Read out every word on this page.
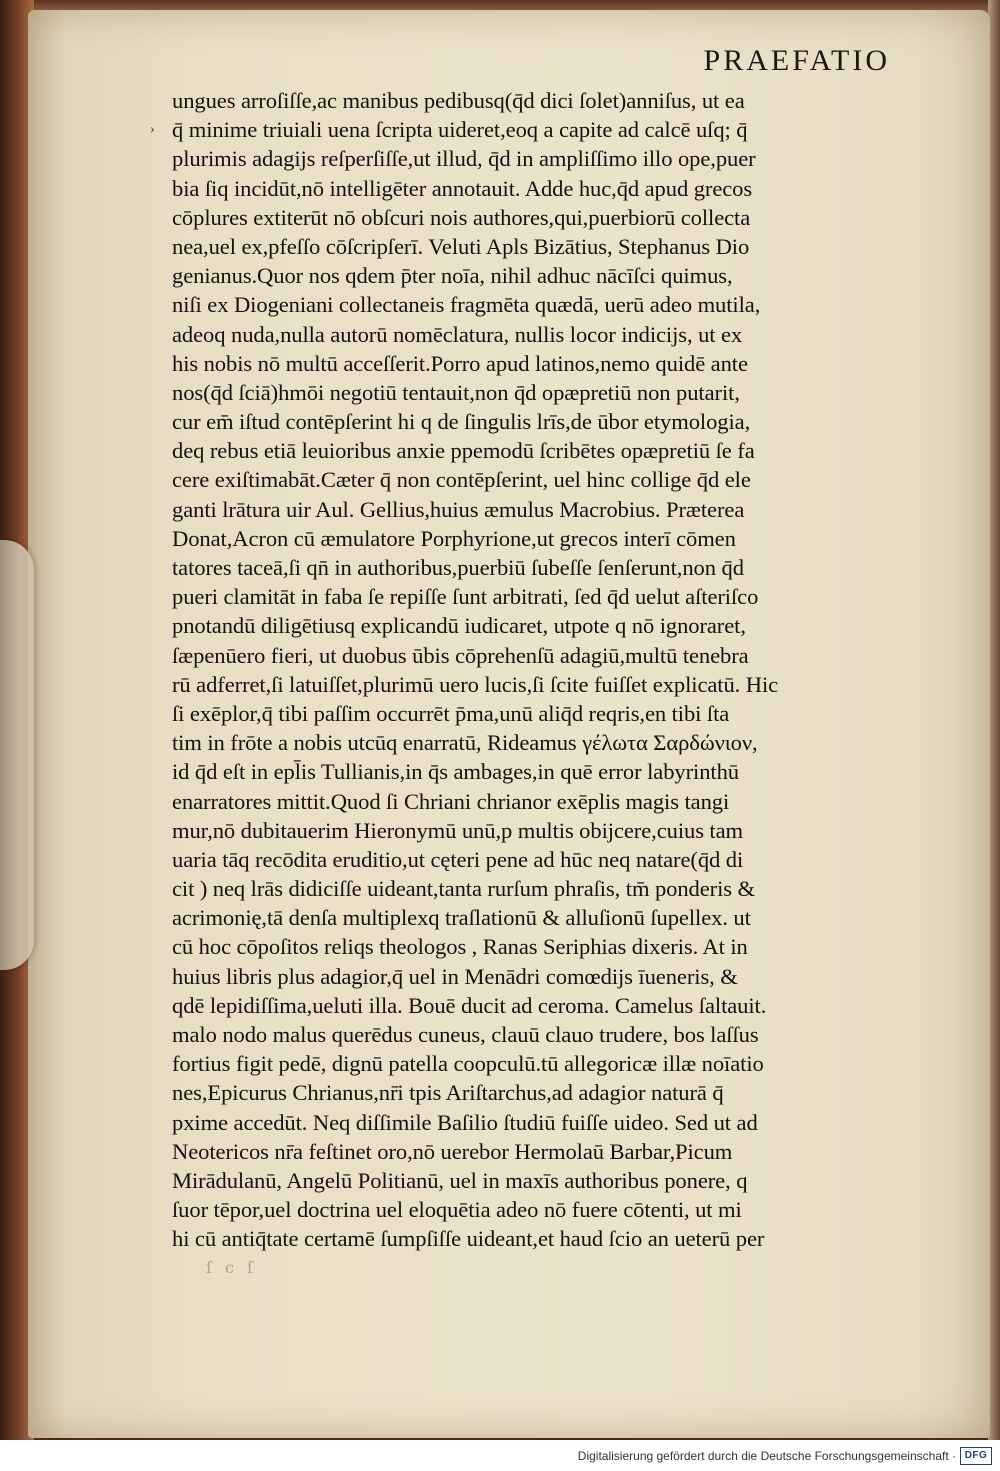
PRAEFATIO
ungues arroſiſſe,ac manibus pedibusq(q̄d dici ſolet)anniſus, ut ea
› q̄ minime triuiali uena ſcripta uideret,eoq a capite ad calcē uſq; q̄
plurimis adagijs reſperſiſſe,ut illud, q̄d in ampliſſimo illo ope,puer
bia ſiq incidūt,nō intelligēter annotauit. Adde huc,q̄d apud grecos
cōplures extiterūt nō obſcuri nois authores,qui,puerbiorū collecta
nea,uel ex,pfeſſo cōſcripſerī. Veluti Apls Bizātius, Stephanus Dio
genianus.Quor nos qdem p̄ter noīa, nihil adhuc nācīſci quimus,
niſi ex Diogeniani collectaneis fragmēta quædā, uerū adeo mutila,
adeoq nuda,nulla autorū nomēclatura, nullis locor indicijs, ut ex
his nobis nō multū acceſſerit.Porro apud latinos,nemo quidē ante
nos(q̄d ſciā)hmōi negotiū tentauit,non q̄d opæpretiū non putarit,
cur em̄ iſtud contēpſerint hi q de ſingulis lrīs,de ūbor etymologia,
deq rebus etiā leuioribus anxie ppemodū ſcribētes opæpretiū ſe fa
cere exiſtimabāt.Cæter q̄ non contēpſerint, uel hinc collige q̄d ele
ganti lrātura uir Aul. Gellius,huius æmulus Macrobius. Præterea
Donat,Acron cū æmulatore Porphyrione,ut grecos interī cōmen
tatores taceā,ſi qn̄ in authoribus,puerbiū ſubeſſe ſenſerunt,non q̄d
pueri clamitāt in faba ſe repiſſe ſunt arbitrati, ſed q̄d uelut aſteriſco
pnotandū diligētiusq explicandū iudicaret, utpote q nō ignoraret,
ſæpenūero fieri, ut duobus ūbis cōprehenſū adagiū,multū tenebra
rū adferret,ſi latuiſſet,plurimū uero lucis,ſi ſcite fuiſſet explicatū. Hic
ſi exēplor,q̄ tibi paſſim occurrēt p̄ma,unū aliq̄d reqris,en tibi ſta
tim in frōte a nobis utcūq enarratū, Rideamus γέλωτα Σαρδώνιον,
id q̄d eſt in epl̄is Tullianis,in q̄s ambages,in quē error labyrinthū
enarratores mittit.Quod ſi Chriani chrianor exēplis magis tangi
mur,nō dubitauerim Hieronymū unū,p multis obijcere,cuius tam
uaria tāq recōdita eruditio,ut cęteri pene ad hūc neq natare(q̄d di
cit ) neq lrās didiciſſe uideant,tanta rurſum phraſis, tm̄ ponderis &
acrimonię,tā denſa multiplexq traſlationū & alluſionū ſupellex. ut
cū hoc cōpoſitos reliqs theologos , Ranas Seriphias dixeris. At in
huius libris plus adagior,q̄ uel in Menādri comœdijs īueneris, &
qdē lepidiſſima,ueluti illa. Bouē ducit ad ceroma. Camelus ſaltauit.
malo nodo malus querēdus cuneus, clauū clauo trudere, bos laſſus
fortius figit pedē, dignū patella coopculū.tū allegoricæ illæ noīatio
nes,Epicurus Chrianus,nr̄i tpis Ariſtarchus,ad adagior naturā q̄
pxime accedūt. Neq diſſimile Baſilio ſtudiū fuiſſe uideo. Sed ut ad
Neotericos nr̄a feſtinet oro,nō uerebor Hermolaū Barbar,Picum
Mirādulanū, Angelū Politianū, uel in maxīs authoribus ponere, q
ſuor tēpor,uel doctrina uel eloquētia adeo nō fuere cōtenti, ut mi
hi cū antiq̄tate certamē ſumpſiſſe uideant,et haud ſcio an ueterū per
ſ c ſ
Digitalisierung gefördert durch die Deutsche Forschungsgemeinschaft · DFG
